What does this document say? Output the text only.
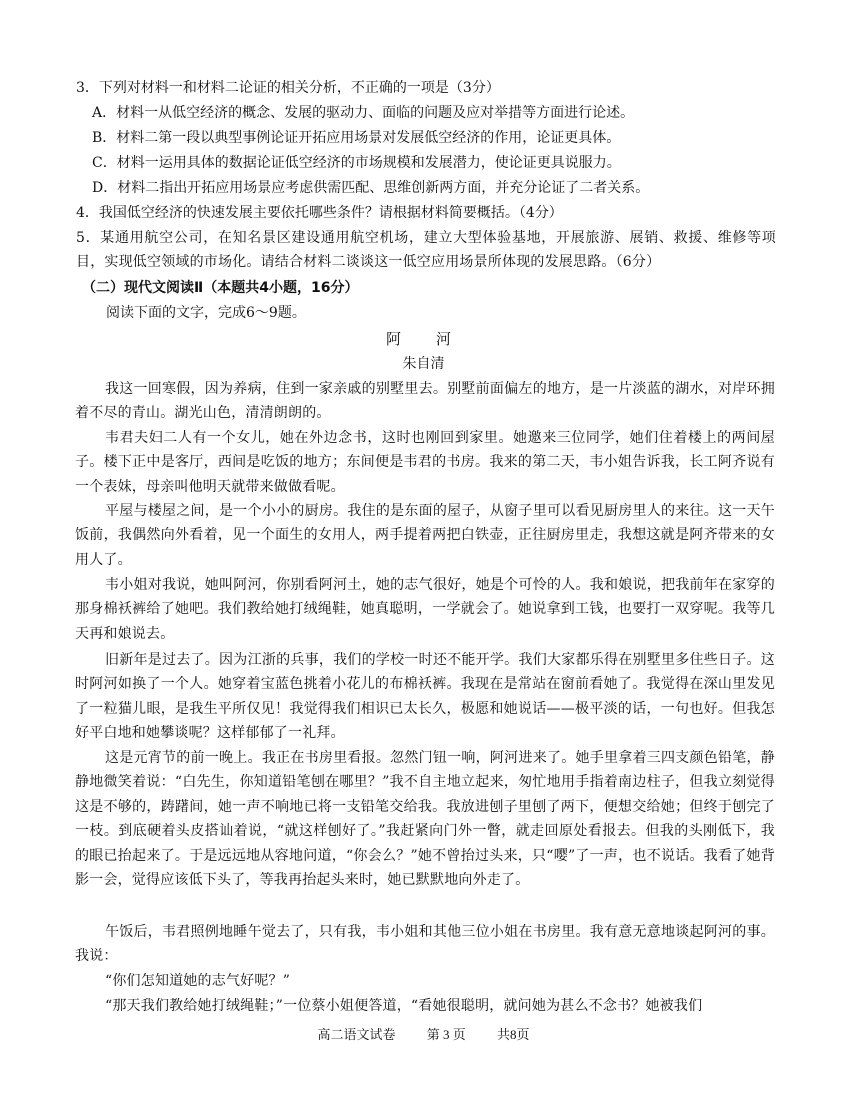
3．下列对材料一和材料二论证的相关分析，不正确的一项是（3分）
A．材料一从低空经济的概念、发展的驱动力、面临的问题及应对举措等方面进行论述。
B．材料二第一段以典型事例论证开拓应用场景对发展低空经济的作用，论证更具体。
C．材料一运用具体的数据论证低空经济的市场规模和发展潜力，使论证更具说服力。
D．材料二指出开拓应用场景应考虑供需匹配、思维创新两方面，并充分论证了二者关系。
4．我国低空经济的快速发展主要依托哪些条件？请根据材料简要概括。（4分）
5．某通用航空公司，在知名景区建设通用航空机场，建立大型体验基地，开展旅游、展销、救援、维修等项目，实现低空领域的市场化。请结合材料二谈谈这一低空应用场景所体现的发展思路。（6分）
（二）现代文阅读Ⅱ（本题共4小题，16分）
阅读下面的文字，完成6～9题。
阿　河
朱自清
我这一回寒假，因为养病，住到一家亲戚的别墅里去。别墅前面偏左的地方，是一片淡蓝的湖水，对岸环拥着不尽的青山。湖光山色，清清朗朗的。
韦君夫妇二人有一个女儿，她在外边念书，这时也刚回到家里。她邀来三位同学，她们住着楼上的两间屋子。楼下正中是客厅，西间是吃饭的地方；东间便是韦君的书房。我来的第二天，韦小姐告诉我，长工阿齐说有一个表妹，母亲叫他明天就带来做做看呢。
平屋与楼屋之间，是一个小小的厨房。我住的是东面的屋子，从窗子里可以看见厨房里人的来往。这一天午饭前，我偶然向外看着，见一个面生的女用人，两手提着两把白铁壶，正往厨房里走，我想这就是阿齐带来的女用人了。
韦小姐对我说，她叫阿河，你别看阿河土，她的志气很好，她是个可怜的人。我和娘说，把我前年在家穿的那身棉袄裤给了她吧。我们教给她打绒绳鞋，她真聪明，一学就会了。她说拿到工钱，也要打一双穿呢。我等几天再和娘说去。
旧新年是过去了。因为江浙的兵事，我们的学校一时还不能开学。我们大家都乐得在别墅里多住些日子。这时阿河如换了一个人。她穿着宝蓝色挑着小花儿的布棉袄裤。我现在是常站在窗前看她了。我觉得在深山里发见了一粒猫儿眼，是我生平所仅见！我觉得我们相识已太长久，极愿和她说话——极平淡的话，一句也好。但我怎好平白地和她攀谈呢？这样郁郁了一礼拜。
这是元宵节的前一晚上。我正在书房里看报。忽然门钮一响，阿河进来了。她手里拿着三四支颜色铅笔，静静地微笑着说：“白先生，你知道铅笔刨在哪里？”我不自主地立起来，匆忙地用手指着南边柱子，但我立刻觉得这是不够的，踌躇间，她一声不响地已将一支铅笔交给我。我放进刨子里刨了两下，便想交给她；但终于刨完了一枝。到底硬着头皮搭讪着说，“就这样刨好了。”我赶紧向门外一瞥，就走回原处看报去。但我的头刚低下，我的眼已抬起来了。于是远远地从容地问道，“你会么？”她不曾抬过头来，只“嘤”了一声，也不说话。我看了她背影一会，觉得应该低下头了，等我再抬起头来时，她已默默地向外走了。
午饭后，韦君照例地睡午觉去了，只有我，韦小姐和其他三位小姐在书房里。我有意无意地谈起阿河的事。我说：
“你们怎知道她的志气好呢？”
“那天我们教给她打绒绳鞋；”一位蔡小姐便答道，“看她很聪明，就问她为甚么不念书？她被我们
高二语文试卷 第 3 页 共8页
